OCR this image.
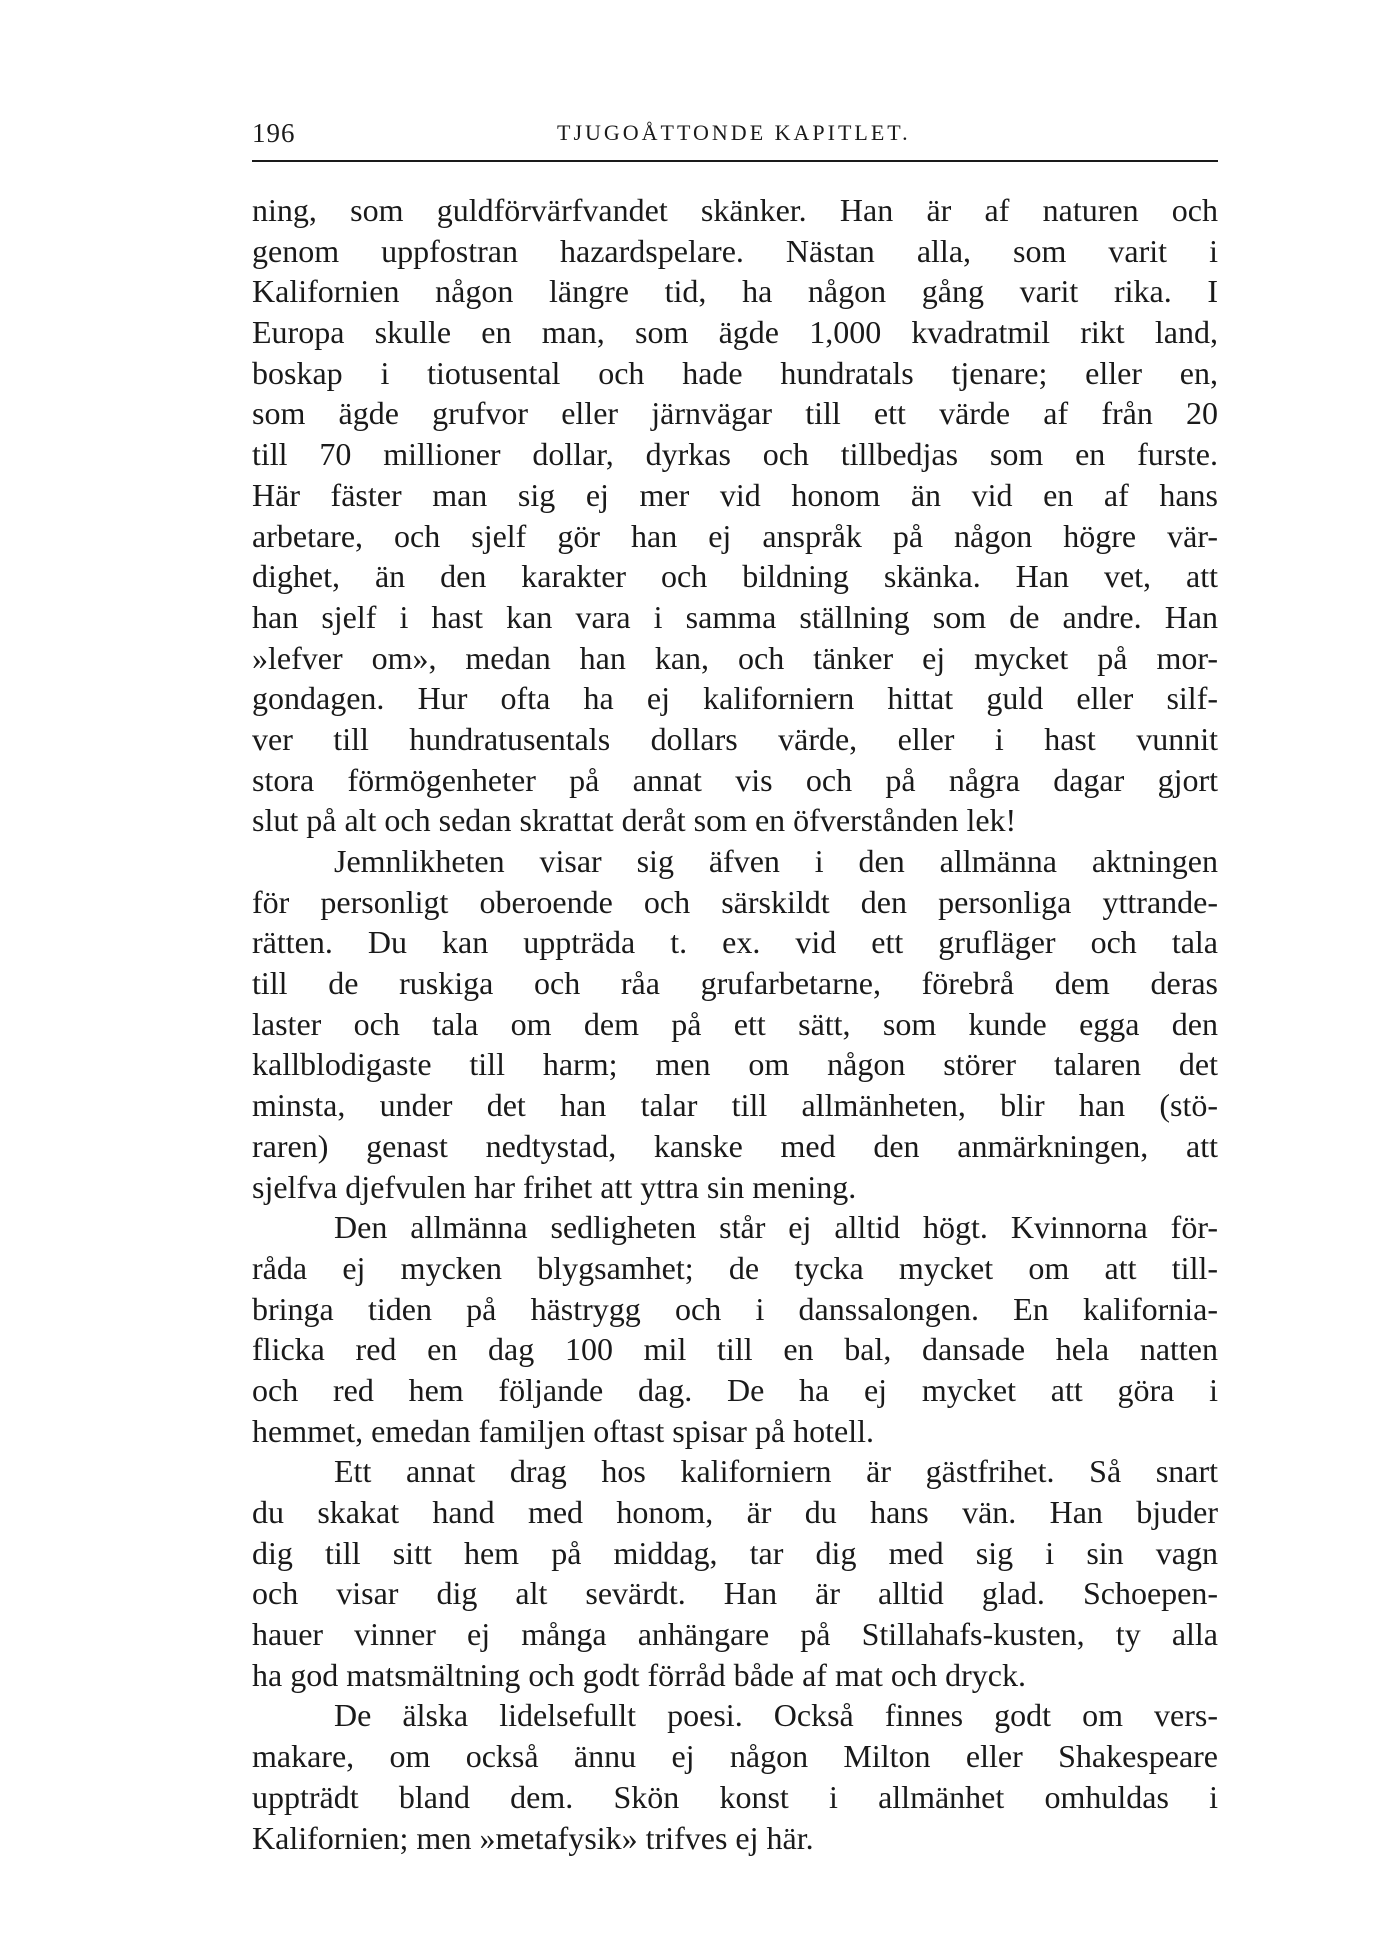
196	TJUGOÅTTONDE KAPITLET.
ning, som guldförvärfvandet skänker. Han är af naturen och
genom uppfostran hazardspelare. Nästan alla, som varit i
Kalifornien någon längre tid, ha någon gång varit rika. I
Europa skulle en man, som ägde 1,000 kvadratmil rikt land,
boskap i tiotusental och hade hundratals tjenare; eller en,
som ägde grufvor eller järnvägar till ett värde af från 20
till 70 millioner dollar, dyrkas och tillbedjas som en furste.
Här fäster man sig ej mer vid honom än vid en af hans
arbetare, och sjelf gör han ej anspråk på någon högre vär-
dighet, än den karakter och bildning skänka. Han vet, att
han sjelf i hast kan vara i samma ställning som de andre. Han
»lefver om», medan han kan, och tänker ej mycket på mor-
gondagen. Hur ofta ha ej kaliforniern hittat guld eller silf-
ver till hundratusentals dollars värde, eller i hast vunnit
stora förmögenheter på annat vis och på några dagar gjort
slut på alt och sedan skrattat deråt som en öfverstånden lek!
Jemnlikheten visar sig äfven i den allmänna aktningen
för personligt oberoende och särskildt den personliga yttrande-
rätten. Du kan uppträda t. ex. vid ett grufläger och tala
till de ruskiga och råa grufarbetarne, förebrå dem deras
laster och tala om dem på ett sätt, som kunde egga den
kallblodigaste till harm; men om någon störer talaren det
minsta, under det han talar till allmänheten, blir han (stö-
raren) genast nedtystad, kanske med den anmärkningen, att
sjelfva djefvulen har frihet att yttra sin mening.
Den allmänna sedligheten står ej alltid högt. Kvinnorna för-
råda ej mycken blygsamhet; de tycka mycket om att till-
bringa tiden på hästrygg och i danssalongen. En kalifornia-
flicka red en dag 100 mil till en bal, dansade hela natten
och red hem följande dag. De ha ej mycket att göra i
hemmet, emedan familjen oftast spisar på hotell.
Ett annat drag hos kaliforniern är gästfrihet. Så snart
du skakat hand med honom, är du hans vän. Han bjuder
dig till sitt hem på middag, tar dig med sig i sin vagn
och visar dig alt sevärdt. Han är alltid glad. Schoepen-
hauer vinner ej många anhängare på Stillahafs-kusten, ty alla
ha god matsmältning och godt förråd både af mat och dryck.
De älska lidelsefullt poesi. Också finnes godt om vers-
makare, om också ännu ej någon Milton eller Shakespeare
uppträdt bland dem. Skön konst i allmänhet omhuldas i
Kalifornien; men »metafysik» trifves ej här.
